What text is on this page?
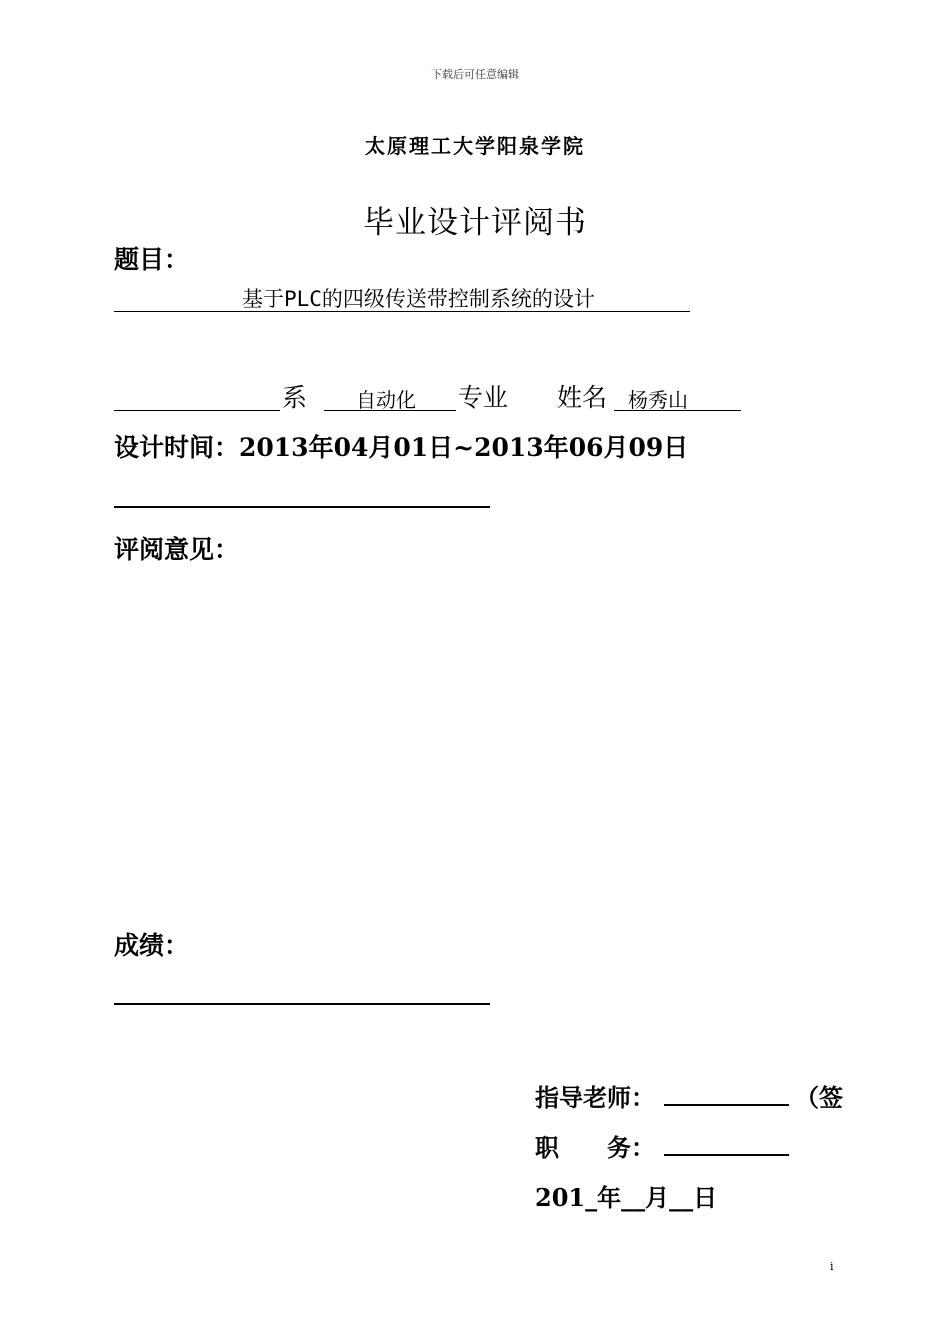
下载后可任意编辑
太原理工大学阳泉学院
毕业设计评阅书
题目：
基于PLC的四级传送带控制系统的设计
系 自动化 专业 姓名 杨秀山
设计时间：2013年04月01日~2013年06月09日
评阅意见：
成绩：
指导老师：	（签
职　　务：
201_年__月__日
i
